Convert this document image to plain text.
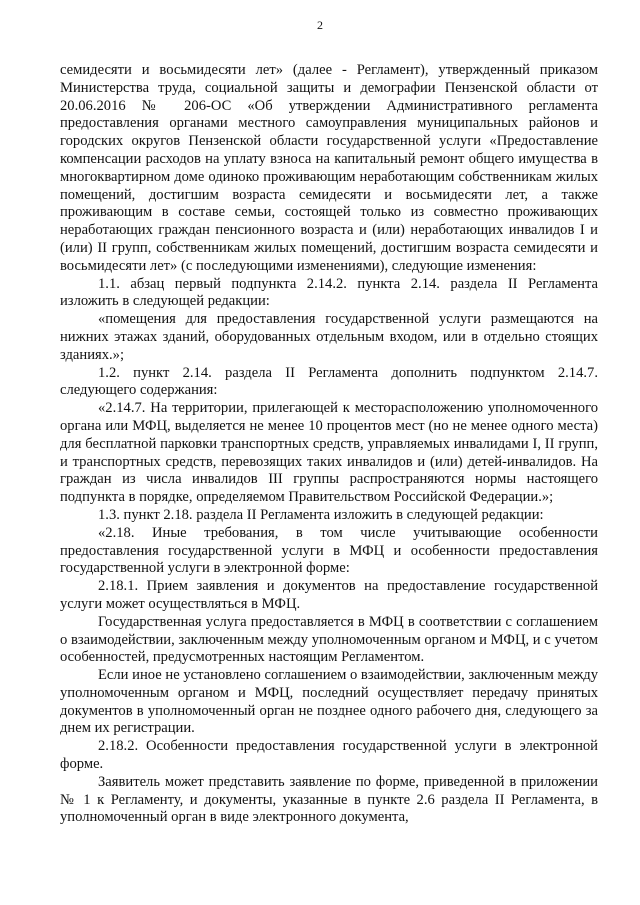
2

семидесяти и восьмидесяти лет» (далее - Регламент), утвержденный приказом Министерства труда, социальной защиты и демографии Пензенской области от 20.06.2016 № 206-ОС «Об утверждении Административного регламента предоставления органами местного самоуправления муниципальных районов и городских округов Пензенской области государственной услуги «Предоставление компенсации расходов на уплату взноса на капитальный ремонт общего имущества в многоквартирном доме одиноко проживающим неработающим собственникам жилых помещений, достигшим возраста семидесяти и восьмидесяти лет, а также проживающим в составе семьи, состоящей только из совместно проживающих неработающих граждан пенсионного возраста и (или) неработающих инвалидов I и (или) II групп, собственникам жилых помещений, достигшим возраста семидесяти и восьмидесяти лет» (с последующими изменениями), следующие изменения:

1.1. абзац первый подпункта 2.14.2. пункта 2.14. раздела II Регламента изложить в следующей редакции:

«помещения для предоставления государственной услуги размещаются на нижних этажах зданий, оборудованных отдельным входом, или в отдельно стоящих зданиях.»;

1.2. пункт 2.14. раздела II Регламента дополнить подпунктом 2.14.7. следующего содержания:

«2.14.7. На территории, прилегающей к месторасположению уполномоченного органа или МФЦ, выделяется не менее 10 процентов мест (но не менее одного места) для бесплатной парковки транспортных средств, управляемых инвалидами I, II групп, и транспортных средств, перевозящих таких инвалидов и (или) детей-инвалидов. На граждан из числа инвалидов III группы распространяются нормы настоящего подпункта в порядке, определяемом Правительством Российской Федерации.»;

1.3. пункт 2.18. раздела II Регламента изложить в следующей редакции:

«2.18. Иные требования, в том числе учитывающие особенности предоставления государственной услуги в МФЦ и особенности предоставления государственной услуги в электронной форме:

2.18.1. Прием заявления и документов на предоставление государственной услуги может осуществляться в МФЦ.

Государственная услуга предоставляется в МФЦ в соответствии с соглашением о взаимодействии, заключенным между уполномоченным органом и МФЦ, и с учетом особенностей, предусмотренных настоящим Регламентом.

Если иное не установлено соглашением о взаимодействии, заключенным между уполномоченным органом и МФЦ, последний осуществляет передачу принятых документов в уполномоченный орган не позднее одного рабочего дня, следующего за днем их регистрации.

2.18.2. Особенности предоставления государственной услуги в электронной форме.

Заявитель может представить заявление по форме, приведенной в приложении № 1 к Регламенту, и документы, указанные в пункте 2.6 раздела II Регламента, в уполномоченный орган в виде электронного документа,
